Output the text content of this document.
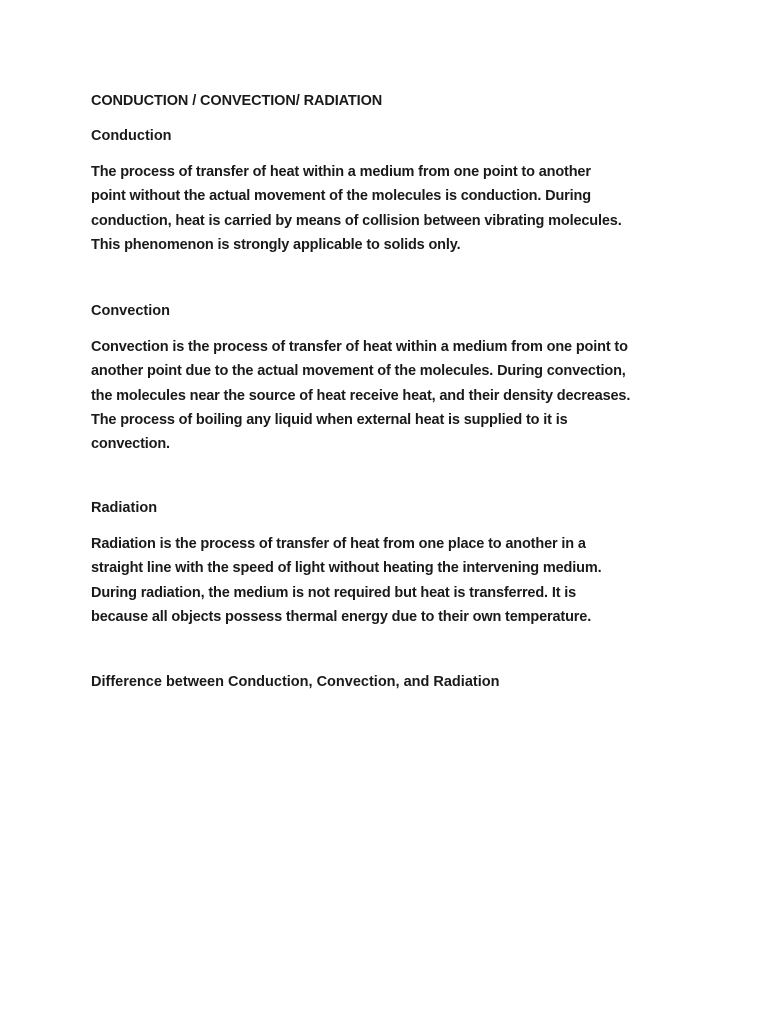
CONDUCTION / CONVECTION/ RADIATION
Conduction
The process of transfer of heat within a medium from one point to another
point without the actual movement of the molecules is conduction. During
conduction, heat is carried by means of collision between vibrating molecules.
This phenomenon is strongly applicable to solids only.
Convection
Convection is the process of transfer of heat within a medium from one point to
another point due to the actual movement of the molecules. During convection,
the molecules near the source of heat receive heat, and their density decreases.
The process of boiling any liquid when external heat is supplied to it is
convection.
Radiation
Radiation is the process of transfer of heat from one place to another in a
straight line with the speed of light without heating the intervening medium.
During radiation, the medium is not required but heat is transferred. It is
because all objects possess thermal energy due to their own temperature.
Difference between Conduction, Convection, and Radiation
